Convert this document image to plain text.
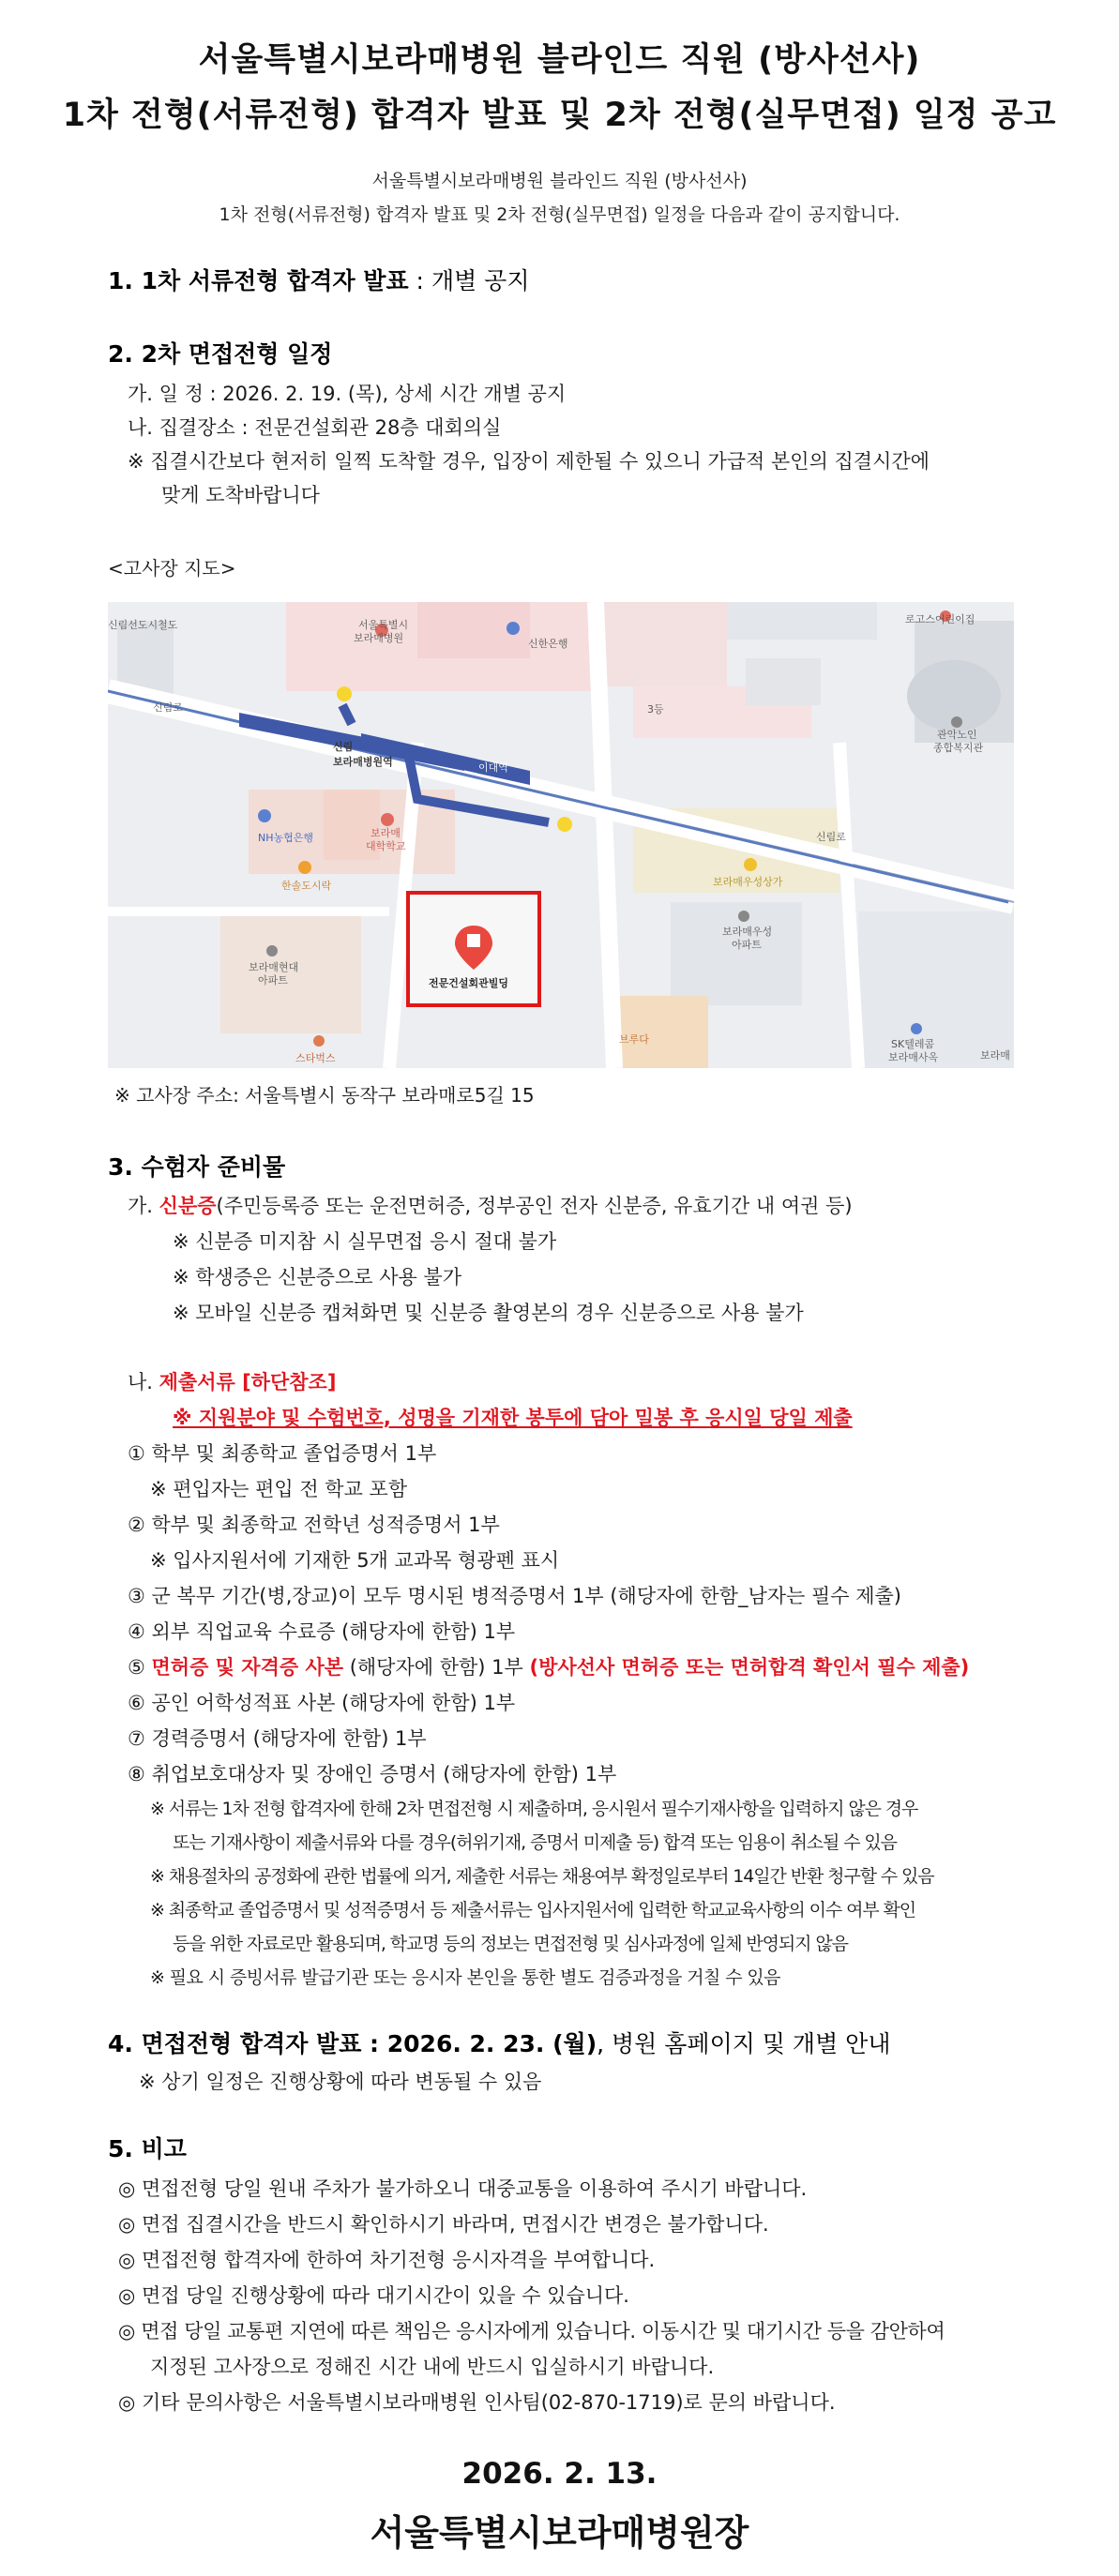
서울특별시보라매병원 블라인드 직원 (방사선사)
1차 전형(서류전형) 합격자 발표 및 2차 전형(실무면접) 일정 공고
서울특별시보라매병원 블라인드 직원 (방사선사)
1차 전형(서류전형) 합격자 발표 및 2차 전형(실무면접) 일정을 다음과 같이 공지합니다.
1. 1차 서류전형 합격자 발표 : 개별 공지
2. 2차 면접전형 일정
가. 일 정 : 2026. 2. 19. (목), 상세 시간 개별 공지
나. 집결장소 : 전문건설회관 28층 대회의실
※ 집결시간보다 현저히 일찍 도착할 경우, 입장이 제한될 수 있으니 가급적 본인의 집결시간에
맞게 도착바랍니다
<고사장 지도>
서울특별시
보라매병원	신한은행
신림
보라매병원역
NH농협은행	보라매
대학학교
한솔도시락
보라매현대
아파트
스타벅스
전문건설회관빌딩
보라매우성상가
보라매우성
아파트
관악노인
종합복지관
로고스어린이집
SK텔레콤
보라매사옥
브루다
이대역
신림선도시철도
신림로
신림로
3등
보라매
※ 고사장 주소: 서울특별시 동작구 보라매로5길 15
3. 수험자 준비물
가. 신분증(주민등록증 또는 운전면허증, 정부공인 전자 신분증, 유효기간 내 여권 등)
※ 신분증 미지참 시 실무면접 응시 절대 불가
※ 학생증은 신분증으로 사용 불가
※ 모바일 신분증 캡쳐화면 및 신분증 촬영본의 경우 신분증으로 사용 불가
나. 제출서류 [하단참조]
※ 지원분야 및 수험번호, 성명을 기재한 봉투에 담아 밀봉 후 응시일 당일 제출
① 학부 및 최종학교 졸업증명서 1부
※ 편입자는 편입 전 학교 포함
② 학부 및 최종학교 전학년 성적증명서 1부
※ 입사지원서에 기재한 5개 교과목 형광펜 표시
③ 군 복무 기간(병,장교)이 모두 명시된 병적증명서 1부 (해당자에 한함_남자는 필수 제출)
④ 외부 직업교육 수료증 (해당자에 한함) 1부
⑤ 면허증 및 자격증 사본 (해당자에 한함) 1부 (방사선사 면허증 또는 면허합격 확인서 필수 제출)
⑥ 공인 어학성적표 사본 (해당자에 한함) 1부
⑦ 경력증명서 (해당자에 한함) 1부
⑧ 취업보호대상자 및 장애인 증명서 (해당자에 한함) 1부
※ 서류는 1차 전형 합격자에 한해 2차 면접전형 시 제출하며, 응시원서 필수기재사항을 입력하지 않은 경우
또는 기재사항이 제출서류와 다를 경우(허위기재, 증명서 미제출 등) 합격 또는 임용이 취소될 수 있음
※ 채용절차의 공정화에 관한 법률에 의거, 제출한 서류는 채용여부 확정일로부터 14일간 반환 청구할 수 있음
※ 최종학교 졸업증명서 및 성적증명서 등 제출서류는 입사지원서에 입력한 학교교육사항의 이수 여부 확인
등을 위한 자료로만 활용되며, 학교명 등의 정보는 면접전형 및 심사과정에 일체 반영되지 않음
※ 필요 시 증빙서류 발급기관 또는 응시자 본인을 통한 별도 검증과정을 거칠 수 있음
4. 면접전형 합격자 발표 : 2026. 2. 23. (월), 병원 홈페이지 및 개별 안내
※ 상기 일정은 진행상황에 따라 변동될 수 있음
5. 비고
◎ 면접전형 당일 원내 주차가 불가하오니 대중교통을 이용하여 주시기 바랍니다.
◎ 면접 집결시간을 반드시 확인하시기 바라며, 면접시간 변경은 불가합니다.
◎ 면접전형 합격자에 한하여 차기전형 응시자격을 부여합니다.
◎ 면접 당일 진행상황에 따라 대기시간이 있을 수 있습니다.
◎ 면접 당일 교통편 지연에 따른 책임은 응시자에게 있습니다. 이동시간 및 대기시간 등을 감안하여
지정된 고사장으로 정해진 시간 내에 반드시 입실하시기 바랍니다.
◎ 기타 문의사항은 서울특별시보라매병원 인사팀(02-870-1719)로 문의 바랍니다.
2026. 2. 13.
서울특별시보라매병원장
